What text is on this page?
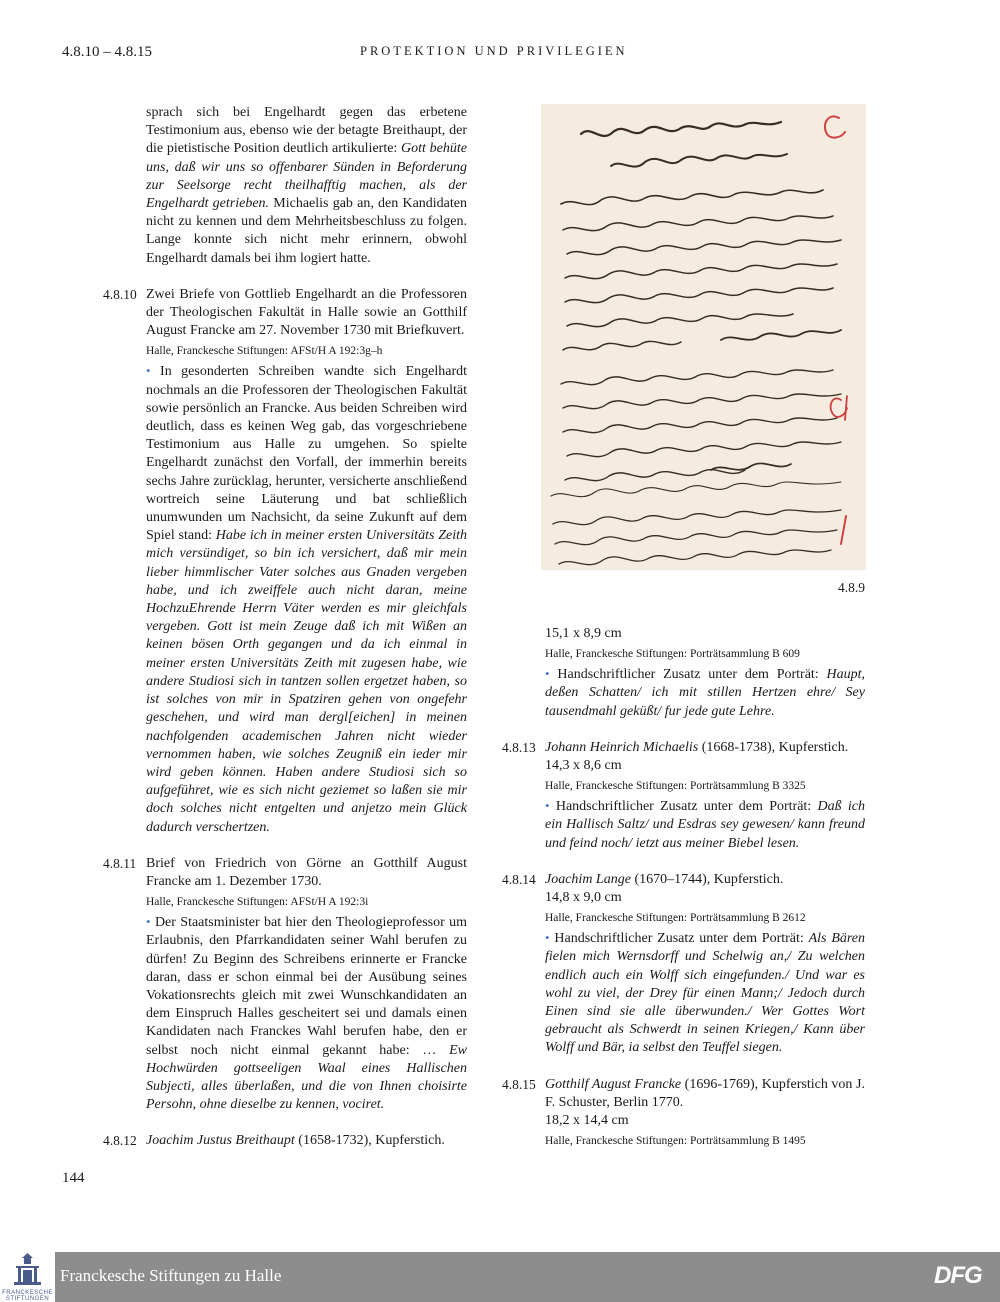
4.8.10 – 4.8.15	PROTEKTION UND PRIVILEGIEN

sprach sich bei Engelhardt gegen das erbetene Testimonium aus, ebenso wie der betagte Breithaupt, der die pietistische Position deutlich artikulierte: Gott behüte uns, daß wir uns so offenbarer Sünden in Beforderung zur Seelsorge recht theilhafftig machen, als der Engelhardt getrieben. Michaelis gab an, den Kandidaten nicht zu kennen und dem Mehrheitsbeschluss zu folgen. Lange konnte sich nicht mehr erinnern, obwohl Engelhardt damals bei ihm logiert hatte.

4.8.10 Zwei Briefe von Gottlieb Engelhardt an die Professoren der Theologischen Fakultät in Halle sowie an Gotthilf August Francke am 27. November 1730 mit Briefkuvert.

Halle, Franckesche Stiftungen: AFSt/H A 192:3g–h

• In gesonderten Schreiben wandte sich Engelhardt nochmals an die Professoren der Theologischen Fakultät sowie persönlich an Francke. Aus beiden Schreiben wird deutlich, dass es keinen Weg gab, das vorgeschriebene Testimonium aus Halle zu umgehen. So spielte Engelhardt zunächst den Vorfall, der immerhin bereits sechs Jahre zurücklag, herunter, versicherte anschließend wortreich seine Läuterung und bat schließlich unumwunden um Nachsicht, da seine Zukunft auf dem Spiel stand: Habe ich in meiner ersten Universitäts Zeith mich versündiget, so bin ich versichert, daß mir mein lieber himmlischer Vater solches aus Gnaden vergeben habe, und ich zweiffele auch nicht daran, meine HochzuEhrende Herrn Väter werden es mir gleichfals vergeben. Gott ist mein Zeuge daß ich mit Wißen an keinen bösen Orth gegangen und da ich einmal in meiner ersten Universitäts Zeith mit zugesen habe, wie andere Studiosi sich in tantzen sollen ergetzet haben, so ist solches von mir in Spatziren gehen von ongefehr geschehen, und wird man dergl[eichen] in meinen nachfolgenden academischen Jahren nicht wieder vernommen haben, wie solches Zeugniß ein ieder mir wird geben können. Haben andere Studiosi sich so aufgeführet, wie es sich nicht geziemet so laßen sie mir doch solches nicht entgelten und anjetzo mein Glück dadurch verschertzen.

4.8.11 Brief von Friedrich von Görne an Gotthilf August Francke am 1. Dezember 1730.

Halle, Franckesche Stiftungen: AFSt/H A 192:3i

• Der Staatsminister bat hier den Theologieprofessor um Erlaubnis, den Pfarrkandidaten seiner Wahl berufen zu dürfen! Zu Beginn des Schreibens erinnerte er Francke daran, dass er schon einmal bei der Ausübung seines Vokationsrechts gleich mit zwei Wunschkandidaten an dem Einspruch Halles gescheitert sei und damals einen Kandidaten nach Franckes Wahl berufen habe, den er selbst noch nicht einmal gekannt habe: … Ew Hochwürden gottseeligen Waal eines Hallischen Subjecti, alles überlaßen, und die von Ihnen choisirte Persohn, ohne dieselbe zu kennen, vociret.

4.8.12 Joachim Justus Breithaupt (1658-1732), Kupferstich.

4.8.9

15,1 x 8,9 cm

Halle, Franckesche Stiftungen: Porträtsammlung B 609

• Handschriftlicher Zusatz unter dem Porträt: Haupt, deßen Schatten/ ich mit stillen Hertzen ehre/ Sey tausendmahl geküßt/ fur jede gute Lehre.

4.8.13 Johann Heinrich Michaelis (1668-1738), Kupferstich.

14,3 x 8,6 cm

Halle, Franckesche Stiftungen: Porträtsammlung B 3325

• Handschriftlicher Zusatz unter dem Porträt: Daß ich ein Hallisch Saltz/ und Esdras sey gewesen/ kann freund und feind noch/ ietzt aus meiner Biebel lesen.

4.8.14 Joachim Lange (1670–1744), Kupferstich.

14,8 x 9,0 cm

Halle, Franckesche Stiftungen: Porträtsammlung B 2612

• Handschriftlicher Zusatz unter dem Porträt: Als Bären fielen mich Wernsdorff und Schelwig an,/ Zu welchen endlich auch ein Wolff sich eingefunden./ Und war es wohl zu viel, der Drey für einen Mann;/ Jedoch durch Einen sind sie alle überwunden./ Wer Gottes Wort gebraucht als Schwerdt in seinen Kriegen,/ Kann über Wolff und Bär, ia selbst den Teuffel siegen.

4.8.15 Gotthilf August Francke (1696-1769), Kupferstich von J. F. Schuster, Berlin 1770.

18,2 x 14,4 cm

Halle, Franckesche Stiftungen: Porträtsammlung B 1495

144
FRANCKESCHE STIFTUNGEN
Franckesche Stiftungen zu Halle	DFG
